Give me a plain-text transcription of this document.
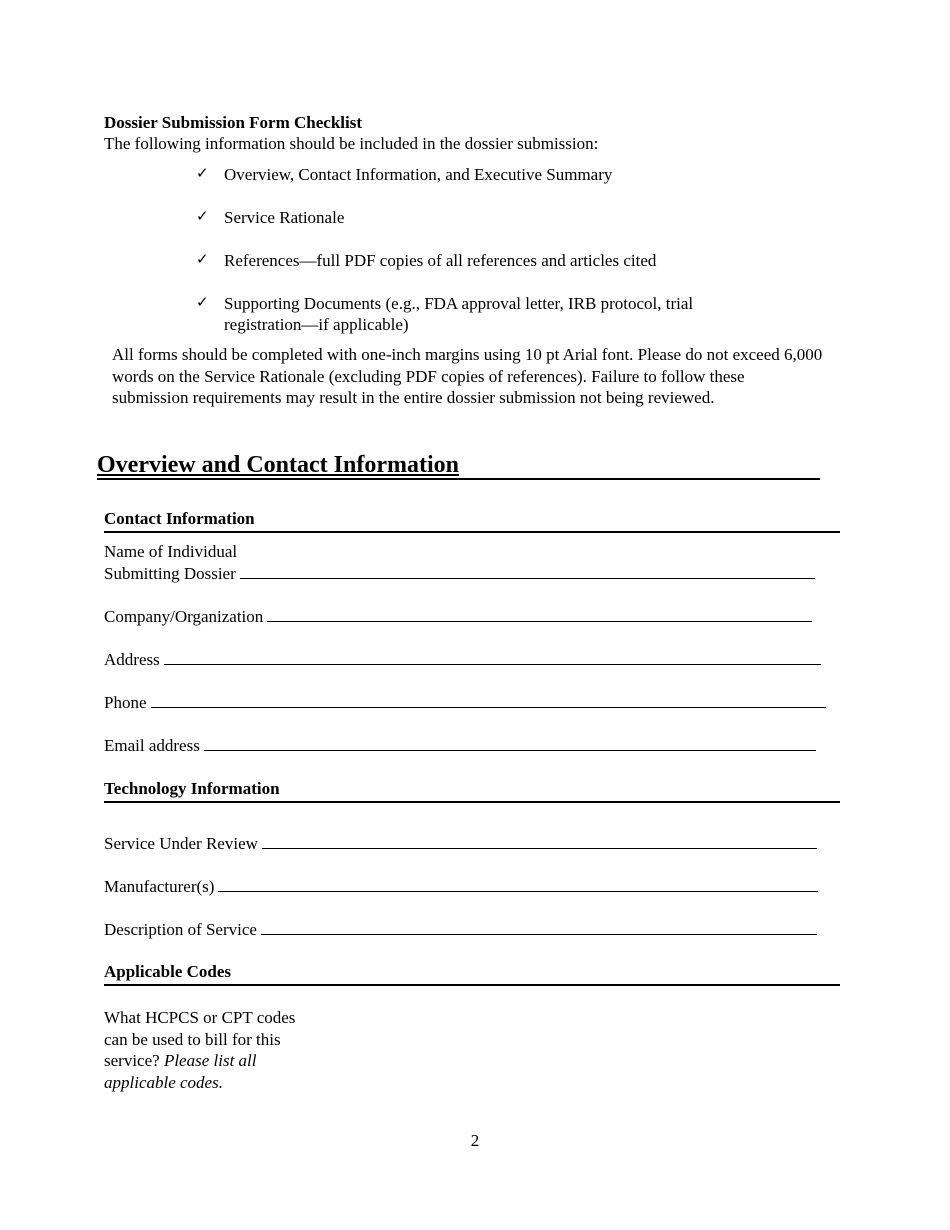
Dossier Submission Form Checklist
The following information should be included in the dossier submission:
✓ Overview, Contact Information, and Executive Summary
✓ Service Rationale
✓ References—full PDF copies of all references and articles cited
✓ Supporting Documents (e.g., FDA approval letter, IRB protocol, trial
registration—if applicable)
All forms should be completed with one-inch margins using 10 pt Arial font. Please do not exceed 6,000 words on the Service Rationale (excluding PDF copies of references). Failure to follow these submission requirements may result in the entire dossier submission not being reviewed.
Overview and Contact Information
Contact Information
Name of Individual
Submitting Dossier
Company/Organization
Address
Phone
Email address
Technology Information
Service Under Review
Manufacturer(s)
Description of Service
Applicable Codes
What HCPCS or CPT codes can be used to bill for this service? Please list all applicable codes.
2
